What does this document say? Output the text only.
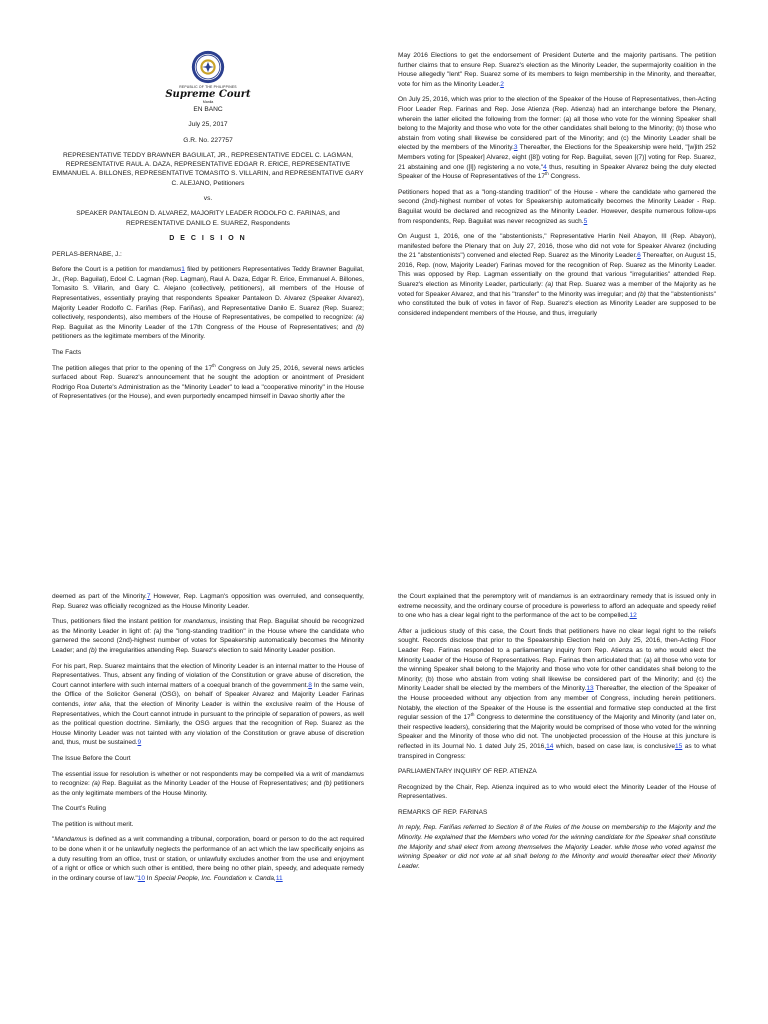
REPUBLIC OF THE PHILIPPINES
Supreme Court
Manila

EN BANC

July 25, 2017

G.R. No. 227757

REPRESENTATIVE TEDDY BRAWNER BAGUILAT, JR., REPRESENTATIVE EDCEL C. LAGMAN, REPRESENTATIVE RAUL A. DAZA, REPRESENTATIVE EDGAR R. ERICE, REPRESENTATIVE EMMANUEL A. BILLONES, REPRESENTATIVE TOMASITO S. VILLARIN, and REPRESENTATIVE GARY C. ALEJANO, Petitioners

vs.

SPEAKER PANTALEON D. ALVAREZ, MAJORITY LEADER RODOLFO C. FARINAS, and REPRESENTATIVE DANILO E. SUAREZ, Respondents

D E C I S I O N

PERLAS-BERNABE, J.:

Before the Court is a petition for mandamus1 filed by petitioners Representatives Teddy Brawner Baguilat, Jr., (Rep. Baguilat), Edcel C. Lagman (Rep. Lagman), Raul A. Daza, Edgar R. Erice, Emmanuel A. Billones, Tomasito S. Villarin, and Gary C. Alejano (collectively, petitioners), all members of the House of Representatives, essentially praying that respondents Speaker Pantaleon D. Alvarez (Speaker Alvarez), Majority Leader Rodolfo C. Fariñas (Rep. Fariñas), and Representative Danilo E. Suarez (Rep. Suarez; collectively, respondents), also members of the House of Representatives, be compelled to recognize: (a) Rep. Baguilat as the Minority Leader of the 17th Congress of the House of Representatives; and (b) petitioners as the legitimate members of the Minority.

The Facts

The petition alleges that prior to the opening of the 17th Congress on July 25, 2016, several news articles surfaced about Rep. Suarez's announcement that he sought the adoption or anointment of President Rodrigo Roa Duterte's Administration as the "Minority Leader" to lead a "cooperative minority" in the House of Representatives (or the House), and even purportedly encamped himself in Davao shortly after the

May 2016 Elections to get the endorsement of President Duterte and the majority partisans. The petition further claims that to ensure Rep. Suarez's election as the Minority Leader, the supermajority coalition in the House allegedly "lent" Rep. Suarez some of its members to feign membership in the Minority, and thereafter, vote for him as the Minority Leader.2

On July 25, 2016, which was prior to the election of the Speaker of the House of Representatives, then-Acting Floor Leader Rep. Farinas and Rep. Jose Atienza (Rep. Atienza) had an interchange before the Plenary, wherein the latter elicited the following from the former: (a) all those who vote for the winning Speaker shall belong to the Majority and those who vote for the other candidates shall belong to the Minority; (b) those who abstain from voting shall likewise be considered part of the Minority; and (c) the Minority Leader shall be elected by the members of the Minority.3 Thereafter, the Elections for the Speakership were held, "[w]ith 252 Members voting for [Speaker] Alvarez, eight ([8]) voting for Rep. Baguilat, seven [(7)] voting for Rep. Suarez, 21 abstaining and one ([l]) registering a no vote,"4 thus, resulting in Speaker Alvarez being the duly elected Speaker of the House of Representatives of the 17th Congress.

Petitioners hoped that as a "long-standing tradition" of the House - where the candidate who garnered the second (2nd)-highest number of votes for Speakership automatically becomes the Minority Leader - Rep. Baguilat would be declared and recognized as the Minority Leader. However, despite numerous follow-ups from respondents, Rep. Baguilat was never recognized as such.5

On August 1, 2016, one of the "abstentionists," Representative Harlin Neil Abayon, III (Rep. Abayon), manifested before the Plenary that on July 27, 2016, those who did not vote for Speaker Alvarez (including the 21 "abstentionists") convened and elected Rep. Suarez as the Minority Leader.6 Thereafter, on August 15, 2016, Rep. (now, Majority Leader) Farinas moved for the recognition of Rep. Suarez as the Minority Leader. This was opposed by Rep. Lagman essentially on the ground that various "irregularities" attended Rep. Suarez's election as Minority Leader, particularly: (a) that Rep. Suarez was a member of the Majority as he voted for Speaker Alvarez, and that his "transfer" to the Minority was irregular; and (b) that the "abstentionists" who constituted the bulk of votes in favor of Rep. Suarez's election as Minority Leader are supposed to be considered independent members of the House, and thus, irregularly

deemed as part of the Minority.7 However, Rep. Lagman's opposition was overruled, and consequently, Rep. Suarez was officially recognized as the House Minority Leader.

Thus, petitioners filed the instant petition for mandamus, insisting that Rep. Baguilat should be recognized as the Minority Leader in light of: (a) the "long-standing tradition" in the House where the candidate who garnered the second (2nd)-highest number of votes for Speakership automatically becomes the Minority Leader; and (b) the irregularities attending Rep. Suarez's election to said Minority Leader position.

For his part, Rep. Suarez maintains that the election of Minority Leader is an internal matter to the House of Representatives. Thus, absent any finding of violation of the Constitution or grave abuse of discretion, the Court cannot interfere with such internal matters of a coequal branch of the government.8 In the same vein, the Office of the Solicitor General (OSG), on behalf of Speaker Alvarez and Majority Leader Farinas contends, inter alia, that the election of Minority Leader is within the exclusive realm of the House of Representatives, which the Court cannot intrude in pursuant to the principle of separation of powers, as well as the political question doctrine. Similarly, the OSG argues that the recognition of Rep. Suarez as the House Minority Leader was not tainted with any violation of the Constitution or grave abuse of discretion and, thus, must be sustained.9

The Issue Before the Court

The essential issue for resolution is whether or not respondents may be compelled via a writ of mandamus to recognize: (a) Rep. Baguilat as the Minority Leader of the House of Representatives; and (b) petitioners as the only legitimate members of the House Minority.

The Court's Ruling

The petition is without merit.

"Mandamus is defined as a writ commanding a tribunal, corporation, board or person to do the act required to be done when it or he unlawfully neglects the performance of an act which the law specifically enjoins as a duty resulting from an office, trust or station, or unlawfully excludes another from the use and enjoyment of a right or office or which such other is entitled, there being no other plain, speedy, and adequate remedy in the ordinary course of law."10 In Special People, Inc. Foundation v. Canda,11

the Court explained that the peremptory writ of mandamus is an extraordinary remedy that is issued only in extreme necessity, and the ordinary course of procedure is powerless to afford an adequate and speedy relief to one who has a clear legal right to the performance of the act to be compelled.12

After a judicious study of this case, the Court finds that petitioners have no clear legal right to the reliefs sought. Records disclose that prior to the Speakership Election held on July 25, 2016, then-Acting Floor Leader Rep. Farinas responded to a parliamentary inquiry from Rep. Atienza as to who would elect the Minority Leader of the House of Representatives. Rep. Farinas then articulated that: (a) all those who vote for the winning Speaker shall belong to the Majority and those who vote for other candidates shall belong to the Minority; (b) those who abstain from voting shall likewise be considered part of the Minority; and (c) the Minority Leader shall be elected by the members of the Minority.13 Thereafter, the election of the Speaker of the House proceeded without any objection from any member of Congress, including herein petitioners. Notably, the election of the Speaker of the House is the essential and formative step conducted at the first regular session of the 17th Congress to determine the constituency of the Majority and Minority (and later on, their respective leaders), considering that the Majority would be comprised of those who voted for the winning Speaker and the Minority of those who did not. The unobjected procession of the House at this juncture is reflected in its Journal No. 1 dated July 25, 2016,14 which, based on case law, is conclusive15 as to what transpired in Congress:

PARLIAMENTARY INQUIRY OF REP. ATIENZA

Recognized by the Chair, Rep. Atienza inquired as to who would elect the Minority Leader of the House of Representatives.

REMARKS OF REP. FARINAS

In reply, Rep. Fariñas referred to Section 8 of the Rules of the house on membership to the Majority and the Minority. He explained that the Members who voted for the winning candidate for the Speaker shall constitute the Majority and shall elect from among themselves the Majority Leader. while those who voted against the winning Speaker or did not vote at all shall belong to the Minority and would thereafter elect their Minority Leader.
